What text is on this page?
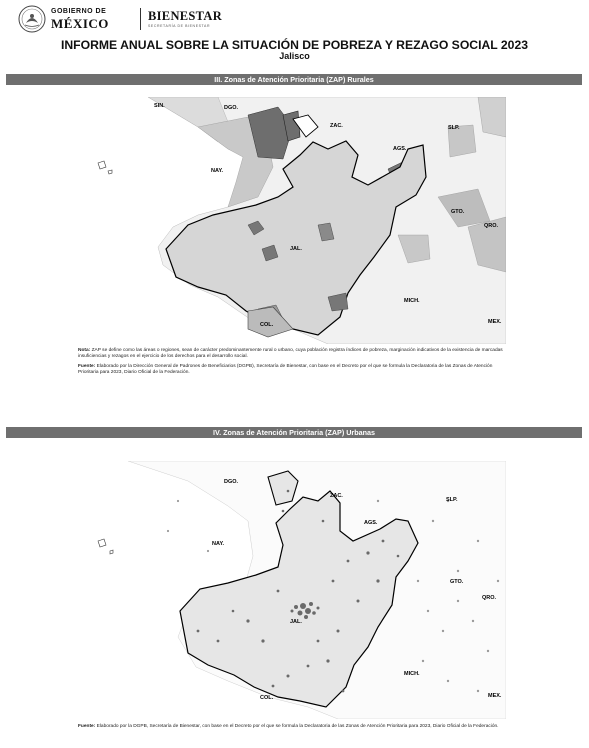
GOBIERNO DE
MÉXICO	BIENESTAR
SECRETARÍA DE BIENESTAR
INFORME ANUAL SOBRE LA SITUACIÓN DE POBREZA Y REZAGO SOCIAL 2023
Jalisco
III. Zonas de Atención Prioritaria (ZAP) Rurales
SIN.	DGO.
ZAC.	SLP.
AGS.
NAY.
GTO.
QRO.
JAL.
MICH.
COL.	MEX.
Nota: ZAP se define como las áreas o regiones, sean de carácter predominantemente rural o urbano, cuya población registra índices de pobreza, marginación indicativos de la existencia de marcadas insuficiencias y rezagos en el ejercicio de los derechos para el desarrollo social.
Fuente: Elaborado por la Dirección General de Padrones de Beneficiarios (DGPB), Secretaría de Bienestar, con base en el Decreto por el que se formula la Declaratoria de las Zonas de Atención Prioritaria para 2023, Diario Oficial de la Federación.
IV. Zonas de Atención Prioritaria (ZAP) Urbanas
DGO.
ZAC.
SLP.
AGS.
NAY.
GTO.
QRO.
JAL.
MICH.
COL.	MEX.
Fuente: Elaborado por la DGPB, Secretaría de Bienestar, con base en el Decreto por el que se formula la Declaratoria de las Zonas de Atención Prioritaria para 2023, Diario Oficial de la Federación.
